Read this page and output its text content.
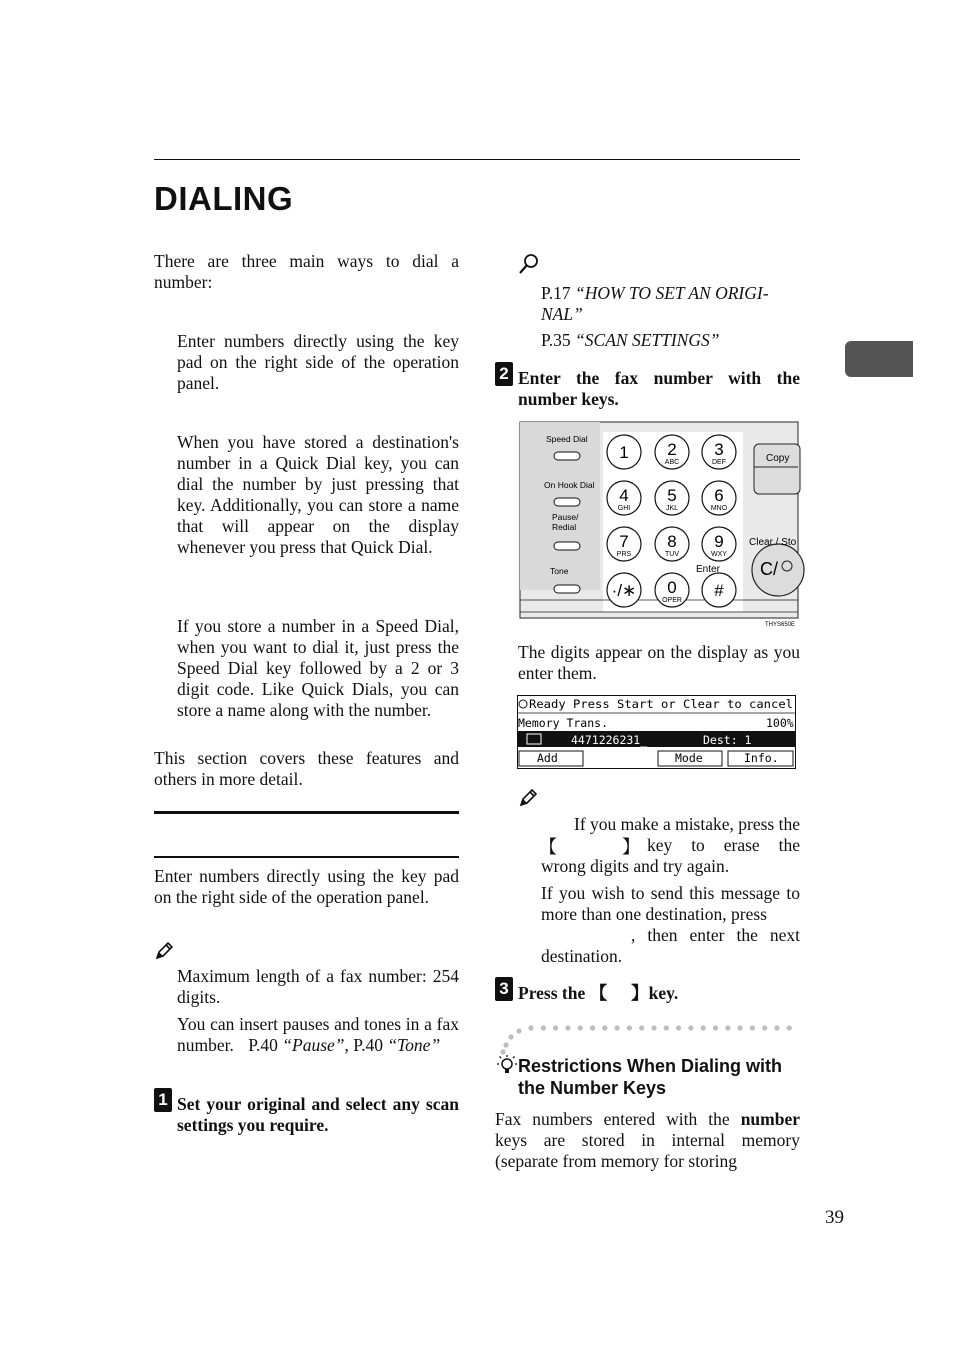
DIALING

There are three main ways to dial a number:

Enter numbers directly using the key pad on the right side of the operation panel.

When you have stored a destination's number in a Quick Dial key, you can dial the number by just pressing that key. Additionally, you can store a name that will appear on the display whenever you press that Quick Dial.

If you store a number in a Speed Dial, when you want to dial it, just press the Speed Dial key followed by a 2 or 3 digit code. Like Quick Dials, you can store a name along with the number.

This section covers these features and others in more detail.

Enter numbers directly using the key pad on the right side of the operation panel.

Maximum length of a fax number: 254 digits.

You can insert pauses and tones in a fax number. P.40 “Pause”, P.40 “Tone”

1 Set your original and select any scan settings you require.

P.17 “HOW TO SET AN ORIGINAL”

P.35 “SCAN SETTINGS”

2 Enter the fax number with the number keys.

C/
Speed Dial
On Hook Dial
Pause/
Redial
Tone
1 2
ABC
3
DEF
4
GHI
5
JKL
6
MNO
7
PRS
8
TUV
9
WXY
·/∗ 0
OPER
#
Enter
Copy
Clear / Sto
THYS650E

The digits appear on the display as you enter them.

Ready Press Start or Clear to cancel
Memory Trans.	100%
4471226231_	Dest: 1
Add	Mode	Info.

If you make a mistake, press the

【	】 key to erase the wrong digits and try again.

If you wish to send this message to more than one destination, press

, then enter the next destination.

3 Press the 【 】key.
Restrictions When Dialing with
the Number Keys

Fax numbers entered with the number keys are stored in internal memory (separate from memory for storing

39
